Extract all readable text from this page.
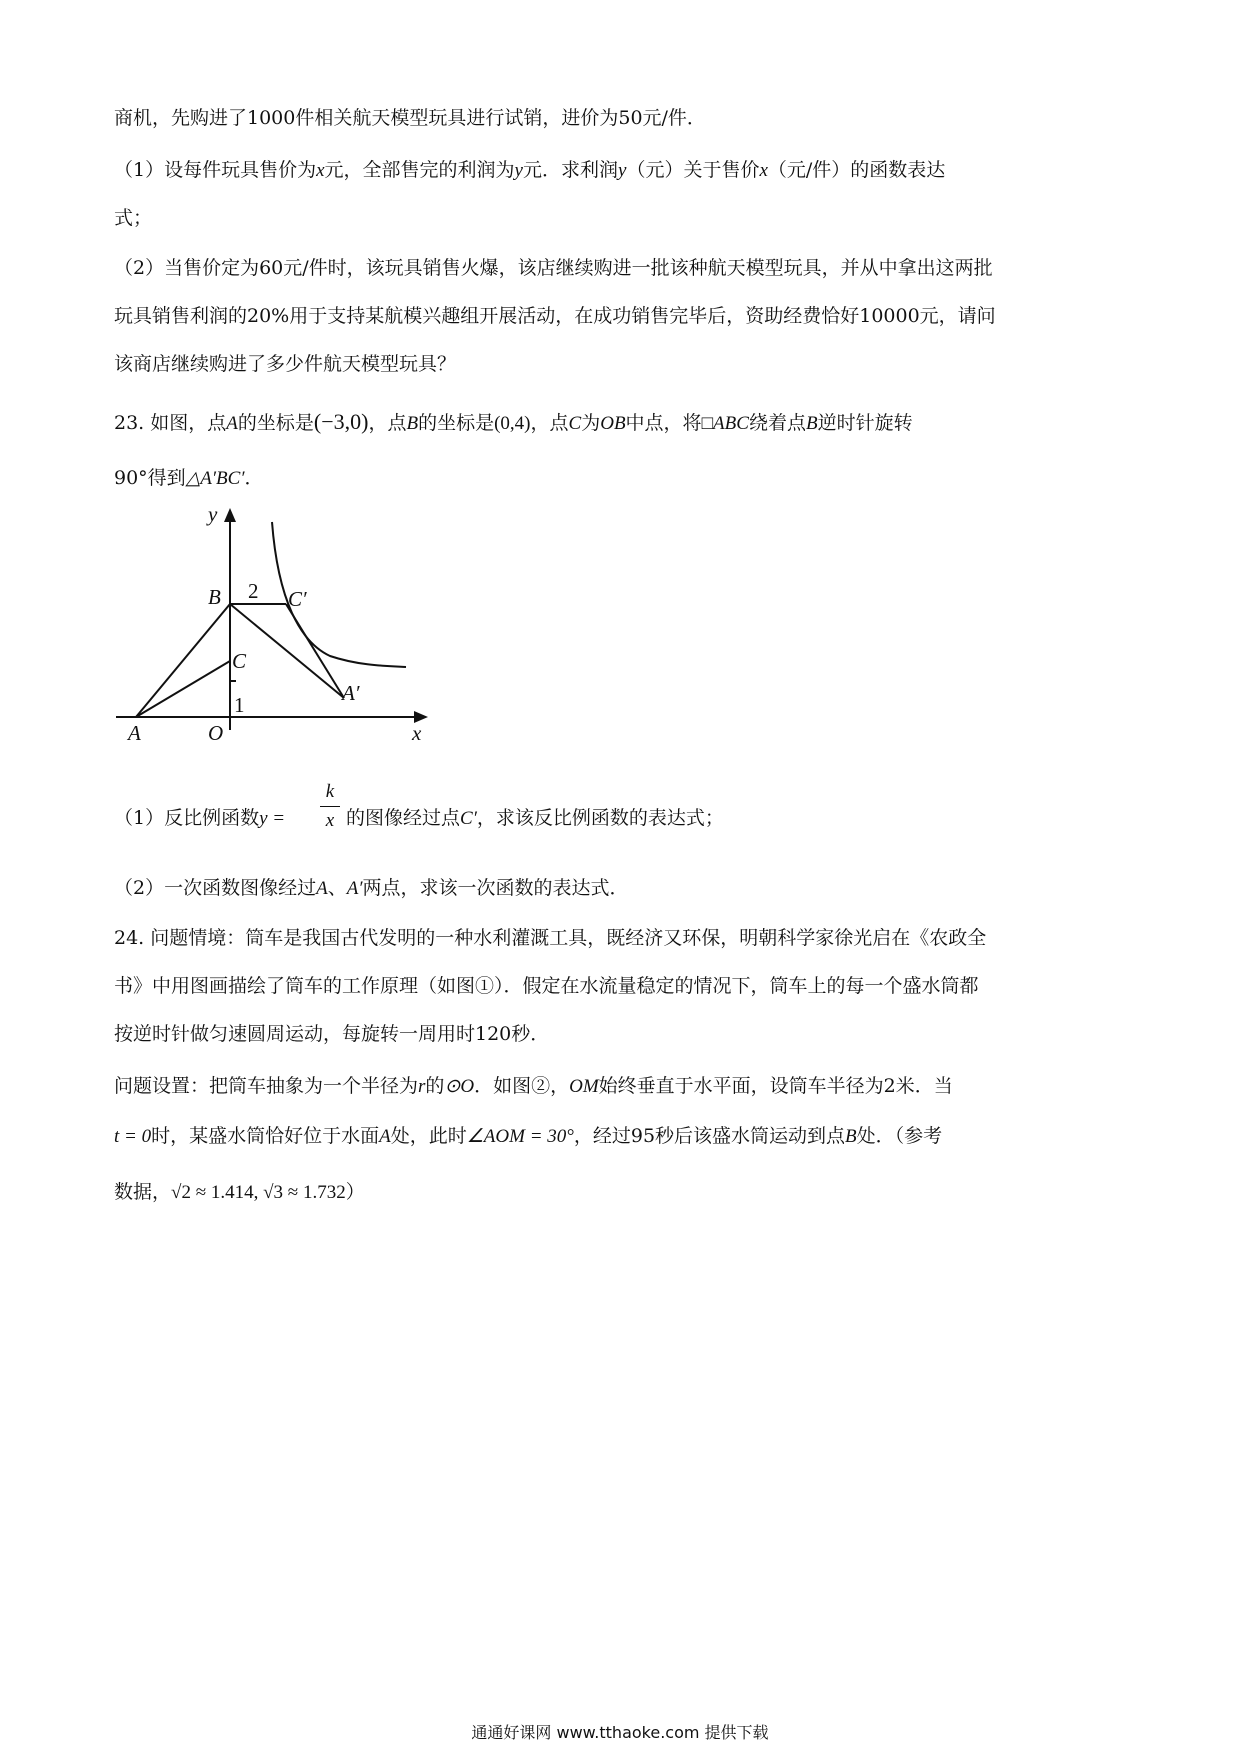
商机，先购进了1000件相关航天模型玩具进行试销，进价为50元/件．
（1）设每件玩具售价为x元，全部售完的利润为y元．求利润y（元）关于售价x（元/件）的函数表达
式；
（2）当售价定为60元/件时，该玩具销售火爆，该店继续购进一批该种航天模型玩具，并从中拿出这两批
玩具销售利润的20%用于支持某航模兴趣组开展活动，在成功销售完毕后，资助经费恰好10000元，请问
该商店继续购进了多少件航天模型玩具？
23. 如图，点A的坐标是(−3,0)，点B的坐标是(0,4)，点C为OB中点，将□ABC绕着点B逆时针旋转
90°得到△A′BC′．
y
x
B 2 C′
C
A′
1
A	O
（1）反比例函数y =
k
x 的图像经过点C′，求该反比例函数的表达式；
（2）一次函数图像经过A、A′两点，求该一次函数的表达式．
24. 问题情境：筒车是我国古代发明的一种水利灌溉工具，既经济又环保，明朝科学家徐光启在《农政全
书》中用图画描绘了筒车的工作原理（如图①）．假定在水流量稳定的情况下，筒车上的每一个盛水筒都
按逆时针做匀速圆周运动，每旋转一周用时120秒．
问题设置：把筒车抽象为一个半径为r的⊙O．如图②，OM始终垂直于水平面，设筒车半径为2米．当
t = 0时，某盛水筒恰好位于水面A处，此时∠AOM = 30°，经过95秒后该盛水筒运动到点B处．（参考
数据，√2 ≈ 1.414, √3 ≈ 1.732）
通通好课网 www.tthaoke.com 提供下载
